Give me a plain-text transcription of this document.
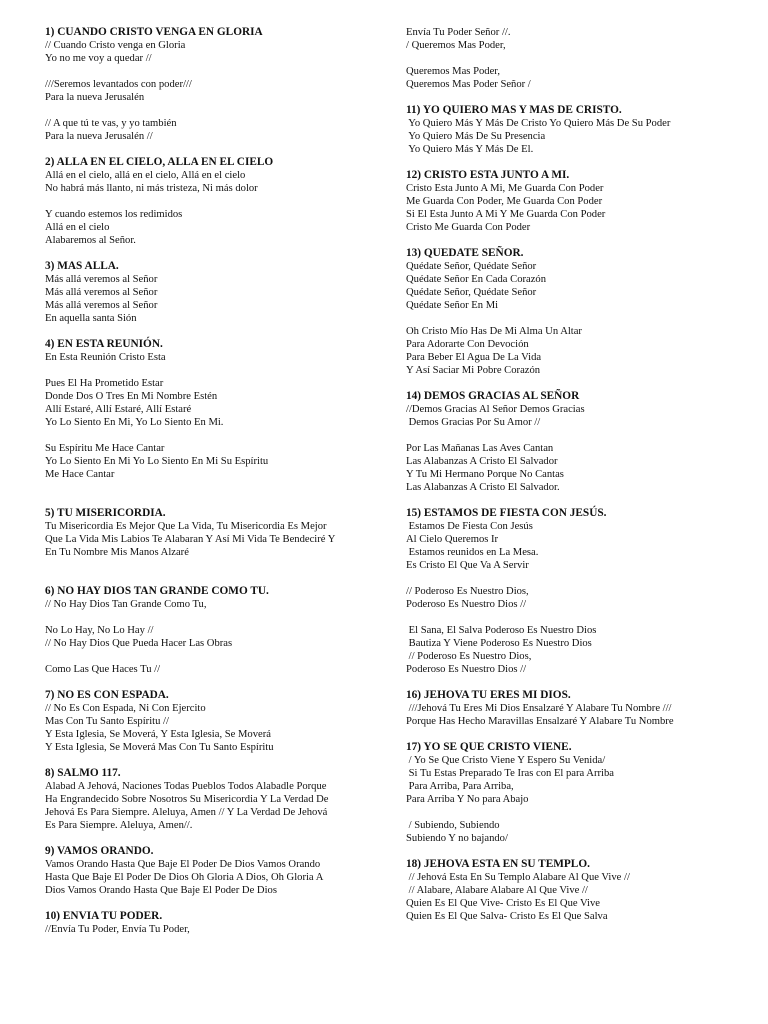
1) CUANDO CRISTO VENGA EN GLORIA
// Cuando Cristo venga en Gloria
Yo no me voy a quedar //
///Seremos levantados con poder///
Para la nueva Jerusalén
// A que tú te vas, y yo también
Para la nueva Jerusalén //
2) ALLA EN EL CIELO, ALLA EN EL CIELO
Allá en el cielo, allá en el cielo, Allá en el cielo
No habrá más llanto, ni más tristeza, Ni más dolor
Y cuando estemos los redimidos
Allá en el cielo
Alabaremos al Señor.
3) MAS ALLA.
Más allá veremos al Señor
Más allá veremos al Señor
Más allá veremos al Señor
En aquella santa Sión
4) EN ESTA REUNIÓN.
En Esta Reunión Cristo Esta
Pues El Ha Prometido Estar
Donde Dos O Tres En Mi Nombre Estén
Allí Estaré, Allí Estaré, Allí Estaré
Yo Lo Siento En Mi, Yo Lo Siento En Mi.
Su Espíritu Me Hace Cantar
Yo Lo Siento En Mi Yo Lo Siento En Mi Su Espíritu
Me Hace Cantar
5) TU MISERICORDIA.
Tu Misericordia Es Mejor Que La Vida, Tu Misericordia Es Mejor
Que La Vida Mis Labios Te Alabaran Y Así Mi Vida Te Bendeciré Y
En Tu Nombre Mis Manos Alzaré
6) NO HAY DIOS TAN GRANDE COMO TU.
// No Hay Dios Tan Grande Como Tu,
No Lo Hay, No Lo Hay //
// No Hay Dios Que Pueda Hacer Las Obras
Como Las Que Haces Tu //
7) NO ES CON ESPADA.
// No Es Con Espada, Ni Con Ejercito
Mas Con Tu Santo Espíritu //
Y Esta Iglesia, Se Moverá, Y Esta Iglesia, Se Moverá
Y Esta Iglesia, Se Moverá Mas Con Tu Santo Espíritu
8) SALMO 117.
Alabad A Jehová, Naciones Todas Pueblos Todos Alabadle Porque
Ha Engrandecido Sobre Nosotros Su Misericordia Y La Verdad De
Jehová Es Para Siempre. Aleluya, Amen // Y La Verdad De Jehová
Es Para Siempre. Aleluya, Amen//.
9) VAMOS ORANDO.
Vamos Orando Hasta Que Baje El Poder De Dios Vamos Orando
Hasta Que Baje El Poder De Dios Oh Gloria A Dios, Oh Gloria A
Dios Vamos Orando Hasta Que Baje El Poder De Dios
10) ENVIA TU PODER.
//Envía Tu Poder, Envía Tu Poder,
Envía Tu Poder Señor //.
/ Queremos Mas Poder,
Queremos Mas Poder,
Queremos Mas Poder Señor /
11) YO QUIERO MAS Y MAS DE CRISTO.
Yo Quiero Más Y Más De Cristo Yo Quiero Más De Su Poder
Yo Quiero Más De Su Presencia
Yo Quiero Más Y Más De El.
12) CRISTO ESTA JUNTO A MI.
Cristo Esta Junto A Mi, Me Guarda Con Poder
Me Guarda Con Poder, Me Guarda Con Poder
Si El Esta Junto A Mi Y Me Guarda Con Poder
Cristo Me Guarda Con Poder
13) QUEDATE SEÑOR.
Quédate Señor, Quédate Señor
Quédate Señor En Cada Corazón
Quédate Señor, Quédate Señor
Quédate Señor En Mi
Oh Cristo Mío Has De Mi Alma Un Altar
Para Adorarte Con Devoción
Para Beber El Agua De La Vida
Y Así Saciar Mi Pobre Corazón
14) DEMOS GRACIAS AL SEÑOR
//Demos Gracias Al Señor Demos Gracias
Demos Gracias Por Su Amor //
Por Las Mañanas Las Aves Cantan
Las Alabanzas A Cristo El Salvador
Y Tu Mi Hermano Porque No Cantas
Las Alabanzas A Cristo El Salvador.
15) ESTAMOS DE FIESTA CON JESÚS.
Estamos De Fiesta Con Jesús
Al Cielo Queremos Ir
Estamos reunidos en La Mesa.
Es Cristo El Que Va A Servir
// Poderoso Es Nuestro Dios,
Poderoso Es Nuestro Dios //
El Sana, El Salva Poderoso Es Nuestro Dios
Bautiza Y Viene Poderoso Es Nuestro Dios
// Poderoso Es Nuestro Dios,
Poderoso Es Nuestro Dios //
16) JEHOVA TU ERES MI DIOS.
///Jehová Tu Eres Mi Dios Ensalzaré Y Alabare Tu Nombre ///
Porque Has Hecho Maravillas Ensalzaré Y Alabare Tu Nombre
17) YO SE QUE CRISTO VIENE.
/ Yo Se Que Cristo Viene Y Espero Su Venida/
Si Tu Estas Preparado Te Iras con El para Arriba
Para Arriba, Para Arriba,
Para Arriba Y No para Abajo
/ Subiendo, Subiendo
Subiendo Y no bajando/
18) JEHOVA ESTA EN SU TEMPLO.
// Jehová Esta En Su Templo Alabare Al Que Vive //
// Alabare, Alabare Alabare Al Que Vive //
Quien Es El Que Vive- Cristo Es El Que Vive
Quien Es El Que Salva- Cristo Es El Que Salva
